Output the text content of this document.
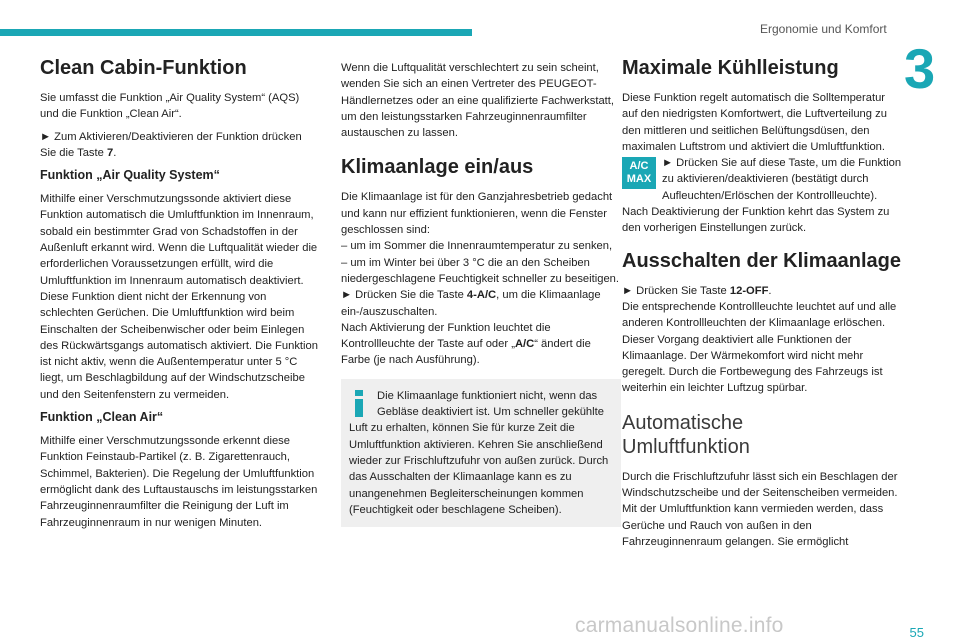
Ergonomie und Komfort
3
Clean Cabin-Funktion

Sie umfasst die Funktion „Air Quality System“ (AQS) und die Funktion „Clean Air“.

► Zum Aktivieren/Deaktivieren der Funktion drücken Sie die Taste 7.

Funktion „Air Quality System“

Mithilfe einer Verschmutzungssonde aktiviert diese Funktion automatisch die Umluftfunktion im Innenraum, sobald ein bestimmter Grad von Schadstoffen in der Außenluft erkannt wird. Wenn die Luftqualität wieder die erforderlichen Voraussetzungen erfüllt, wird die Umluftfunktion im Innenraum automatisch deaktiviert. Diese Funktion dient nicht der Erkennung von schlechten Gerüchen. Die Umluftfunktion wird beim Einschalten der Scheibenwischer oder beim Einlegen des Rückwärtsgangs automatisch aktiviert. Die Funktion ist nicht aktiv, wenn die Außentemperatur unter 5 °C liegt, um Beschlagbildung auf der Windschutzscheibe und den Seitenfenstern zu vermeiden.

Funktion „Clean Air“

Mithilfe einer Verschmutzungssonde erkennt diese Funktion Feinstaub-Partikel (z. B. Zigarettenrauch, Schimmel, Bakterien). Die Regelung der Umluftfunktion ermöglicht dank des Luftaustauschs im leistungsstarken Fahrzeuginnenraumfilter die Reinigung der Luft im Fahrzeuginnenraum in nur wenigen Minuten.

Wenn die Luftqualität verschlechtert zu sein scheint, wenden Sie sich an einen Vertreter des PEUGEOT-Händlernetzes oder an eine qualifizierte Fachwerkstatt, um den leistungsstarken Fahrzeuginnenraumfilter austauschen zu lassen.

Klimaanlage ein/aus

Die Klimaanlage ist für den Ganzjahresbetrieb gedacht und kann nur effizient funktionieren, wenn die Fenster geschlossen sind:

– um im Sommer die Innenraumtemperatur zu senken,

– um im Winter bei über 3 °C die an den Scheiben niedergeschlagene Feuchtigkeit schneller zu beseitigen.

► Drücken Sie die Taste 4-A/C, um die Klimaanlage ein-/auszuschalten.

Nach Aktivierung der Funktion leuchtet die Kontrollleuchte der Taste auf oder „A/C“ ändert die Farbe (je nach Ausführung).

Die Klimaanlage funktioniert nicht, wenn das Gebläse deaktiviert ist. Um schneller gekühlte Luft zu erhalten, können Sie für kurze Zeit die Umluftfunktion aktivieren. Kehren Sie anschließend wieder zur Frischluftzufuhr von außen zurück. Durch das Ausschalten der Klimaanlage kann es zu unangenehmen Begleiterscheinungen kommen (Feuchtigkeit oder beschlagene Scheiben).
Maximale Kühlleistung

Diese Funktion regelt automatisch die Solltemperatur auf den niedrigsten Komfortwert, die Luftverteilung zu den mittleren und seitlichen Belüftungsdüsen, den maximalen Luftstrom und aktiviert die Umluftfunktion.

A/C
MAX

► Drücken Sie auf diese Taste, um die Funktion zu aktivieren/deaktivieren (bestätigt durch Aufleuchten/Erlöschen der Kontrollleuchte).

Nach Deaktivierung der Funktion kehrt das System zu den vorherigen Einstellungen zurück.

Ausschalten der Klimaanlage

► Drücken Sie Taste 12-OFF.

Die entsprechende Kontrollleuchte leuchtet auf und alle anderen Kontrollleuchten der Klimaanlage erlöschen. Dieser Vorgang deaktiviert alle Funktionen der Klimaanlage. Der Wärmekomfort wird nicht mehr geregelt. Durch die Fortbewegung des Fahrzeugs ist weiterhin ein leichter Luftzug spürbar.

Automatische
Umluftfunktion

Durch die Frischluftzufuhr lässt sich ein Beschlagen der Windschutzscheibe und der Seitenscheiben vermeiden. Mit der Umluftfunktion kann vermieden werden, dass Gerüche und Rauch von außen in den Fahrzeuginnenraum gelangen. Sie ermöglicht

carmanualsonline.info	55
